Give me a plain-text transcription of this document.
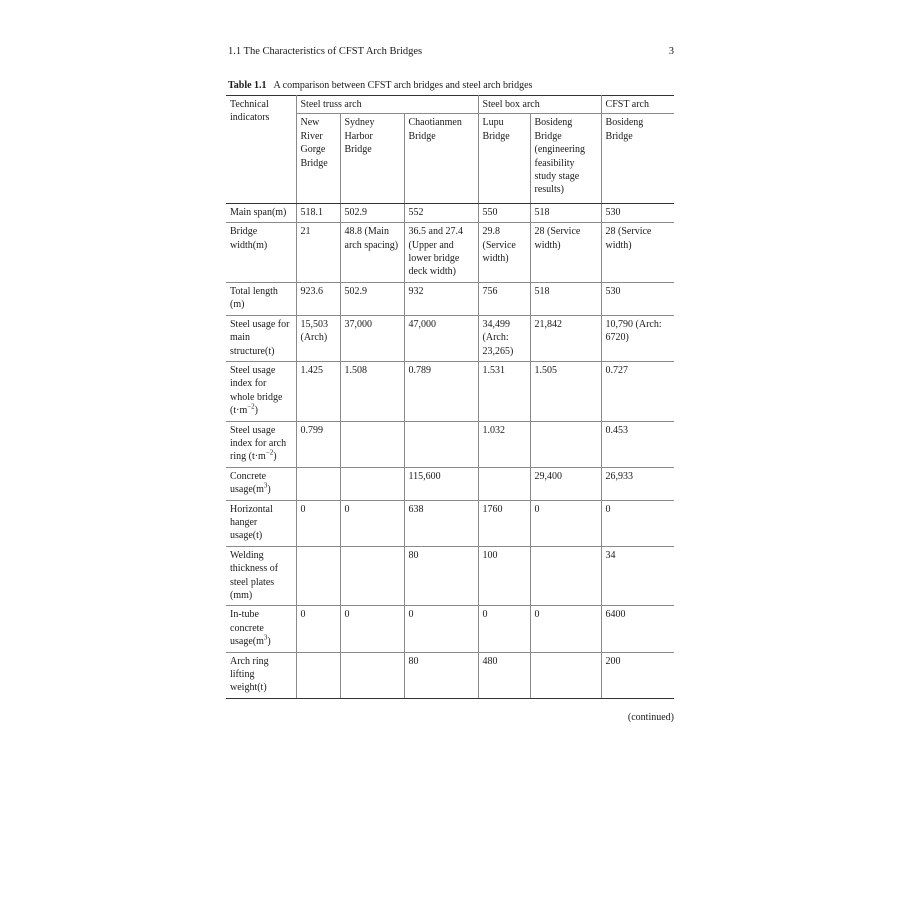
1.1 The Characteristics of CFST Arch Bridges	3
Table 1.1 A comparison between CFST arch bridges and steel arch bridges
Technical indicators	Steel truss arch			Steel box arch		CFST arch
	New River Gorge Bridge	Sydney Harbor Bridge	Chaotianmen Bridge	Lupu Bridge	Bosideng Bridge (engineering feasibility study stage results)	Bosideng Bridge
Main span(m)	518.1	502.9	552	550	518	530
Bridge width(m)	21	48.8 (Main arch spacing)	36.5 and 27.4 (Upper and lower bridge deck width)	29.8 (Service width)	28 (Service width)	28 (Service width)
Total length (m)	923.6	502.9	932	756	518	530
Steel usage for main structure(t)	15,503 (Arch)	37,000	47,000	34,499 (Arch: 23,265)	21,842	10,790 (Arch: 6720)
Steel usage index for whole bridge $(t\cdot m^{-2})$	1.425	1.508	0.789	1.531	1.505	0.727
Steel usage index for arch ring $(t\cdot m^{-2})$	0.799			1.032		0.453
Concrete $usage(m^3)$			115,600		29,400	26,933
Horizontal hanger usage(t)	0	0	638	1760	0	0
Welding thickness of steel plates (mm)			80	100		34
In-tube concrete $usage(m^3)$	0	0	0	0	0	6400
Arch ring lifting weight(t)			80	480		200
(continued)
